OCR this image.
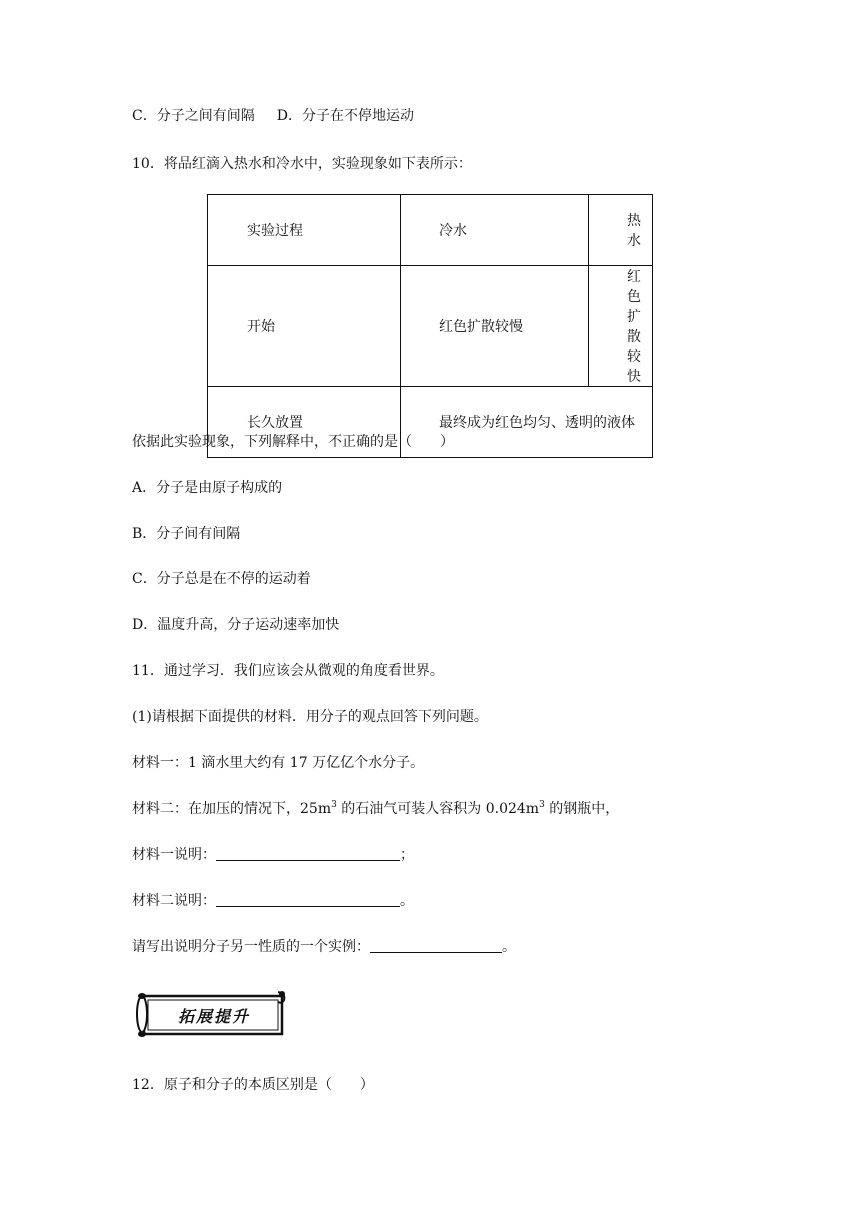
C．分子之间有间隔 D．分子在不停地运动
10．将品红滴入热水和冷水中，实验现象如下表所示：
实验过程	冷水	热水
开始	红色扩散较慢	红色扩散较快
长久放置	最终成为红色均匀、透明的液体	
依据此实验现象，下列解释中，不正确的是（　　）
A．分子是由原子构成的
B．分子间有间隔
C．分子总是在不停的运动着
D．温度升高，分子运动速率加快
11．通过学习．我们应该会从微观的角度看世界。
(1)请根据下面提供的材料．用分子的观点回答下列问题。
材料一：1 滴水里大约有 17 万亿亿个水分子。
材料二：在加压的情况下，$25m^3$ 的石油气可装人容积为 $0.024m^3$ 的钢瓶中，
材料一说明：	；
材料二说明：	。
请写出说明分子另一性质的一个实例：	。
拓展提升
12．原子和分子的本质区别是（　　）
